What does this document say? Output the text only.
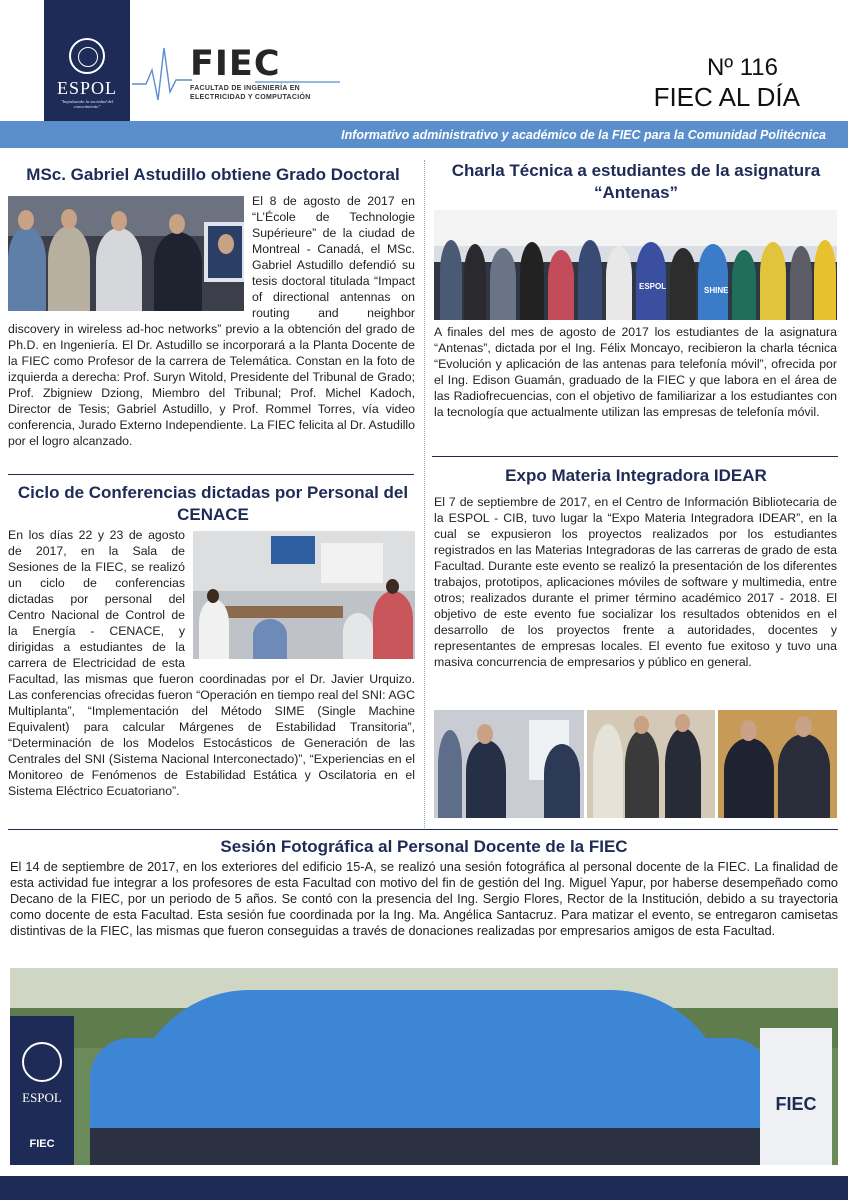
ESPOL
"Impulsando la sociedad del conocimiento"
FIEC
FACULTAD DE INGENIERÍA EN ELECTRICIDAD Y COMPUTACIÓN
Nº 116
FIEC AL DÍA
Informativo administrativo y académico de la FIEC para la Comunidad Politécnica
MSc. Gabriel Astudillo obtiene Grado Doctoral

El 8 de agosto de 2017 en “L’École de Technologie Supérieure” de la ciudad de Montreal - Canadá, el MSc. Gabriel Astudillo defendió su tesis doctoral titulada “Impact of directional antennas on routing and neighbor discovery in wireless ad-hoc networks” previo a la obtención del grado de Ph.D. en Ingeniería. El Dr. Astudillo se incorporará a la Planta Docente de la FIEC como Profesor de la carrera de Telemática. Constan en la foto de izquierda a derecha: Prof. Suryn Witold, Presidente del Tribunal de Grado; Prof. Zbigniew Dziong, Miembro del Tribunal; Prof. Michel Kadoch, Director de Tesis; Gabriel Astudillo, y Prof. Rommel Torres, vía video conferencia, Jurado Externo Independiente. La FIEC felicita al Dr. Astudillo por el logro alcanzado.

Ciclo de Conferencias dictadas por Personal del CENACE

En los días 22 y 23 de agosto de 2017, en la Sala de Sesiones de la FIEC, se realizó un ciclo de conferencias dictadas por personal del Centro Nacional de Control de la Energía - CENACE, y dirigidas a estudiantes de la carrera de Electricidad de esta Facultad, las mismas que fueron coordinadas por el Dr. Javier Urquizo. Las conferencias ofrecidas fueron “Operación en tiempo real del SNI: AGC Multiplanta”, “Implementación del Método SIME (Single Machine Equivalent) para calcular Márgenes de Estabilidad Transitoria”, “Determinación de los Modelos Estocásticos de Generación de las Centrales del SNI (Sistema Nacional Interconectado)”, “Experiencias en el Monitoreo de Fenómenos de Estabilidad Estática y Oscilatoria en el Sistema Eléctrico Ecuatoriano”.

Charla Técnica a estudiantes de la asignatura “Antenas”
ESPOL	SHINE

A finales del mes de agosto de 2017 los estudiantes de la asignatura “Antenas”, dictada por el Ing. Félix Moncayo, recibieron la charla técnica “Evolución y aplicación de las antenas para telefonía móvil”, ofrecida por el Ing. Edison Guamán, graduado de la FIEC y que labora en el área de las Radiofrecuencias, con el objetivo de familiarizar a los estudiantes con la tecnología que actualmente utilizan las empresas de telefonía móvil.

Expo Materia Integradora IDEAR

El 7 de septiembre de 2017, en el Centro de Información Bibliotecaria de la ESPOL - CIB, tuvo lugar la “Expo Materia Integradora IDEAR”, en la cual se expusieron los proyectos realizados por los estudiantes registrados en las Materias Integradoras de las carreras de grado de esta Facultad. Durante este evento se realizó la presentación de los diferentes trabajos, prototipos, aplicaciones móviles de software y multimedia, entre otros; realizados durante el primer término académico 2017 - 2018. El objetivo de este evento fue socializar los resultados obtenidos en el desarrollo de los proyectos frente a autoridades, docentes y representantes de empresas locales. El evento fue exitoso y tuvo una masiva concurrencia de empresarios y público en general.

Sesión Fotográfica al Personal Docente de la FIEC

El 14 de septiembre de 2017, en los exteriores del edificio 15-A, se realizó una sesión fotográfica al personal docente de la FIEC. La finalidad de esta actividad fue integrar a los profesores de esta Facultad con motivo del fin de gestión del Ing. Miguel Yapur, por haberse desempeñado como Decano de la FIEC, por un periodo de 5 años. Se contó con la presencia del Ing. Sergio Flores, Rector de la Institución, debido a su trayectoria como docente de esta Facultad. Esta sesión fue coordinada por la Ing. Ma. Angélica Santacruz. Para matizar el evento, se entregaron camisetas distintivas de la FIEC, las mismas que fueron conseguidas a través de donaciones realizadas por empresarios amigos de esta Facultad.

ESPOL
FIEC
FIEC
